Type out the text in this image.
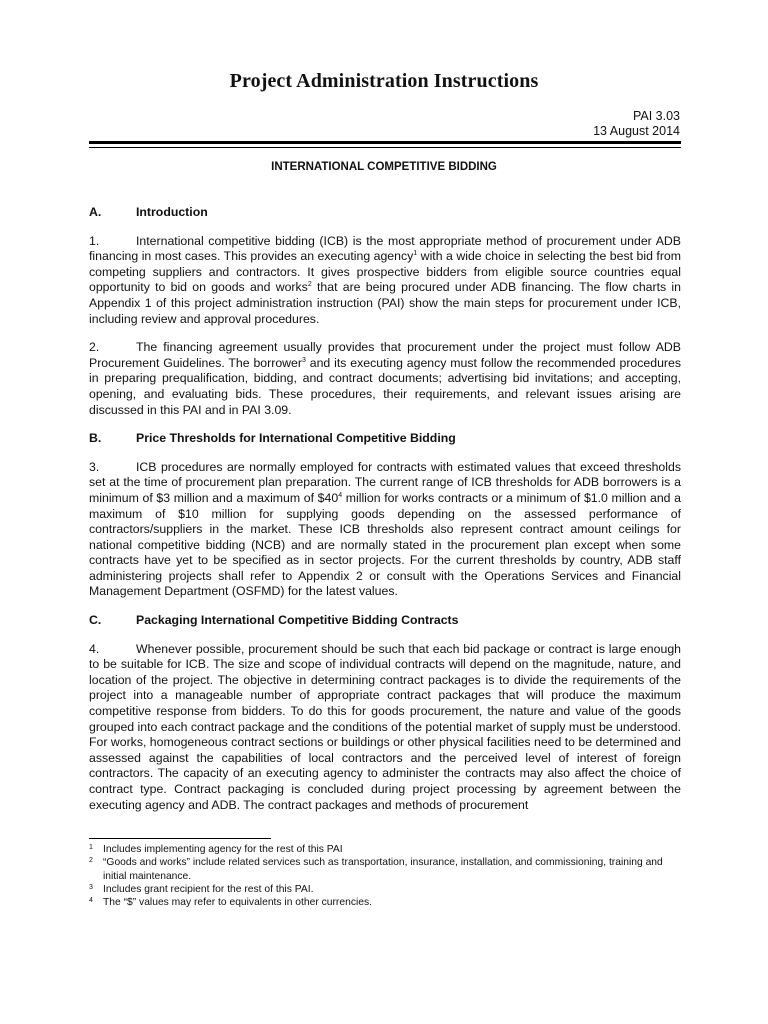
Project Administration Instructions
PAI 3.03
13 August 2014
INTERNATIONAL COMPETITIVE BIDDING
A.	Introduction

1.	International competitive bidding (ICB) is the most appropriate method of procurement under ADB financing in most cases. This provides an executing agency$^1$ with a wide choice in selecting the best bid from competing suppliers and contractors. It gives prospective bidders from eligible source countries equal opportunity to bid on goods and works$^2$ that are being procured under ADB financing. The flow charts in Appendix 1 of this project administration instruction (PAI) show the main steps for procurement under ICB, including review and approval procedures.

2.	The financing agreement usually provides that procurement under the project must follow ADB Procurement Guidelines. The borrower$^3$ and its executing agency must follow the recommended procedures in preparing prequalification, bidding, and contract documents; advertising bid invitations; and accepting, opening, and evaluating bids. These procedures, their requirements, and relevant issues arising are discussed in this PAI and in PAI 3.09.

B.	Price Thresholds for International Competitive Bidding

3.	ICB procedures are normally employed for contracts with estimated values that exceed thresholds set at the time of procurement plan preparation. The current range of ICB thresholds for ADB borrowers is a minimum of $3 million and a maximum of $\$40^4$ million for works contracts or a minimum of $1.0 million and a maximum of $10 million for supplying goods depending on the assessed performance of contractors/suppliers in the market. These ICB thresholds also represent contract amount ceilings for national competitive bidding (NCB) and are normally stated in the procurement plan except when some contracts have yet to be specified as in sector projects. For the current thresholds by country, ADB staff administering projects shall refer to Appendix 2 or consult with the Operations Services and Financial Management Department (OSFMD) for the latest values.

C.	Packaging International Competitive Bidding Contracts

4.	Whenever possible, procurement should be such that each bid package or contract is large enough to be suitable for ICB. The size and scope of individual contracts will depend on the magnitude, nature, and location of the project. The objective in determining contract packages is to divide the requirements of the project into a manageable number of appropriate contract packages that will produce the maximum competitive response from bidders. To do this for goods procurement, the nature and value of the goods grouped into each contract package and the conditions of the potential market of supply must be understood. For works, homogeneous contract sections or buildings or other physical facilities need to be determined and assessed against the capabilities of local contractors and the perceived level of interest of foreign contractors. The capacity of an executing agency to administer the contracts may also affect the choice of contract type. Contract packaging is concluded during project processing by agreement between the executing agency and ADB. The contract packages and methods of procurement

1 Includes implementing agency for the rest of this PAI
2 “Goods and works” include related services such as transportation, insurance, installation, and commissioning, training and initial maintenance.
3 Includes grant recipient for the rest of this PAI.
4 The “$” values may refer to equivalents in other currencies.
